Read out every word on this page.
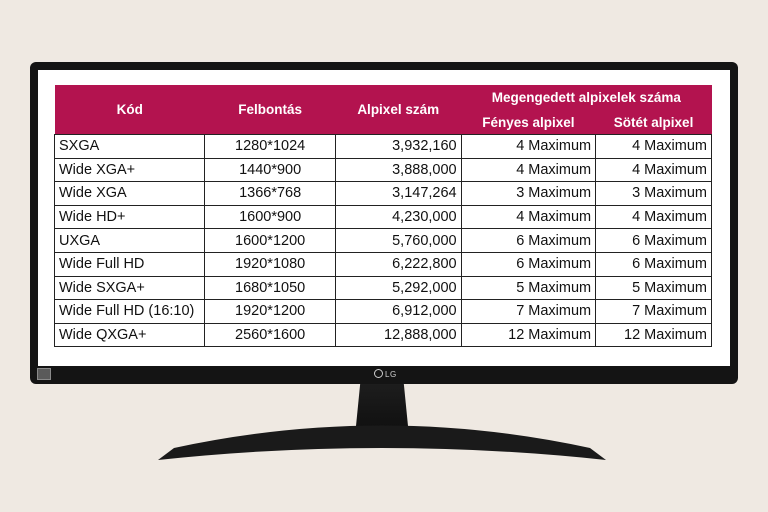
LG
Kód	Felbontás	Alpixel szám	Megengedett alpixelek száma	
			Fényes alpixel	Sötét alpixel
SXGA	1280*1024	3,932,160	4 Maximum	4 Maximum
Wide XGA+	1440*900	3,888,000	4 Maximum	4 Maximum
Wide XGA	1366*768	3,147,264	3 Maximum	3 Maximum
Wide HD+	1600*900	4,230,000	4 Maximum	4 Maximum
UXGA	1600*1200	5,760,000	6 Maximum	6 Maximum
Wide Full HD	1920*1080	6,222,800	6 Maximum	6 Maximum
Wide SXGA+	1680*1050	5,292,000	5 Maximum	5 Maximum
Wide Full HD (16:10)	1920*1200	6,912,000	7 Maximum	7 Maximum
Wide QXGA+	2560*1600	12,888,000	12 Maximum	12 Maximum
